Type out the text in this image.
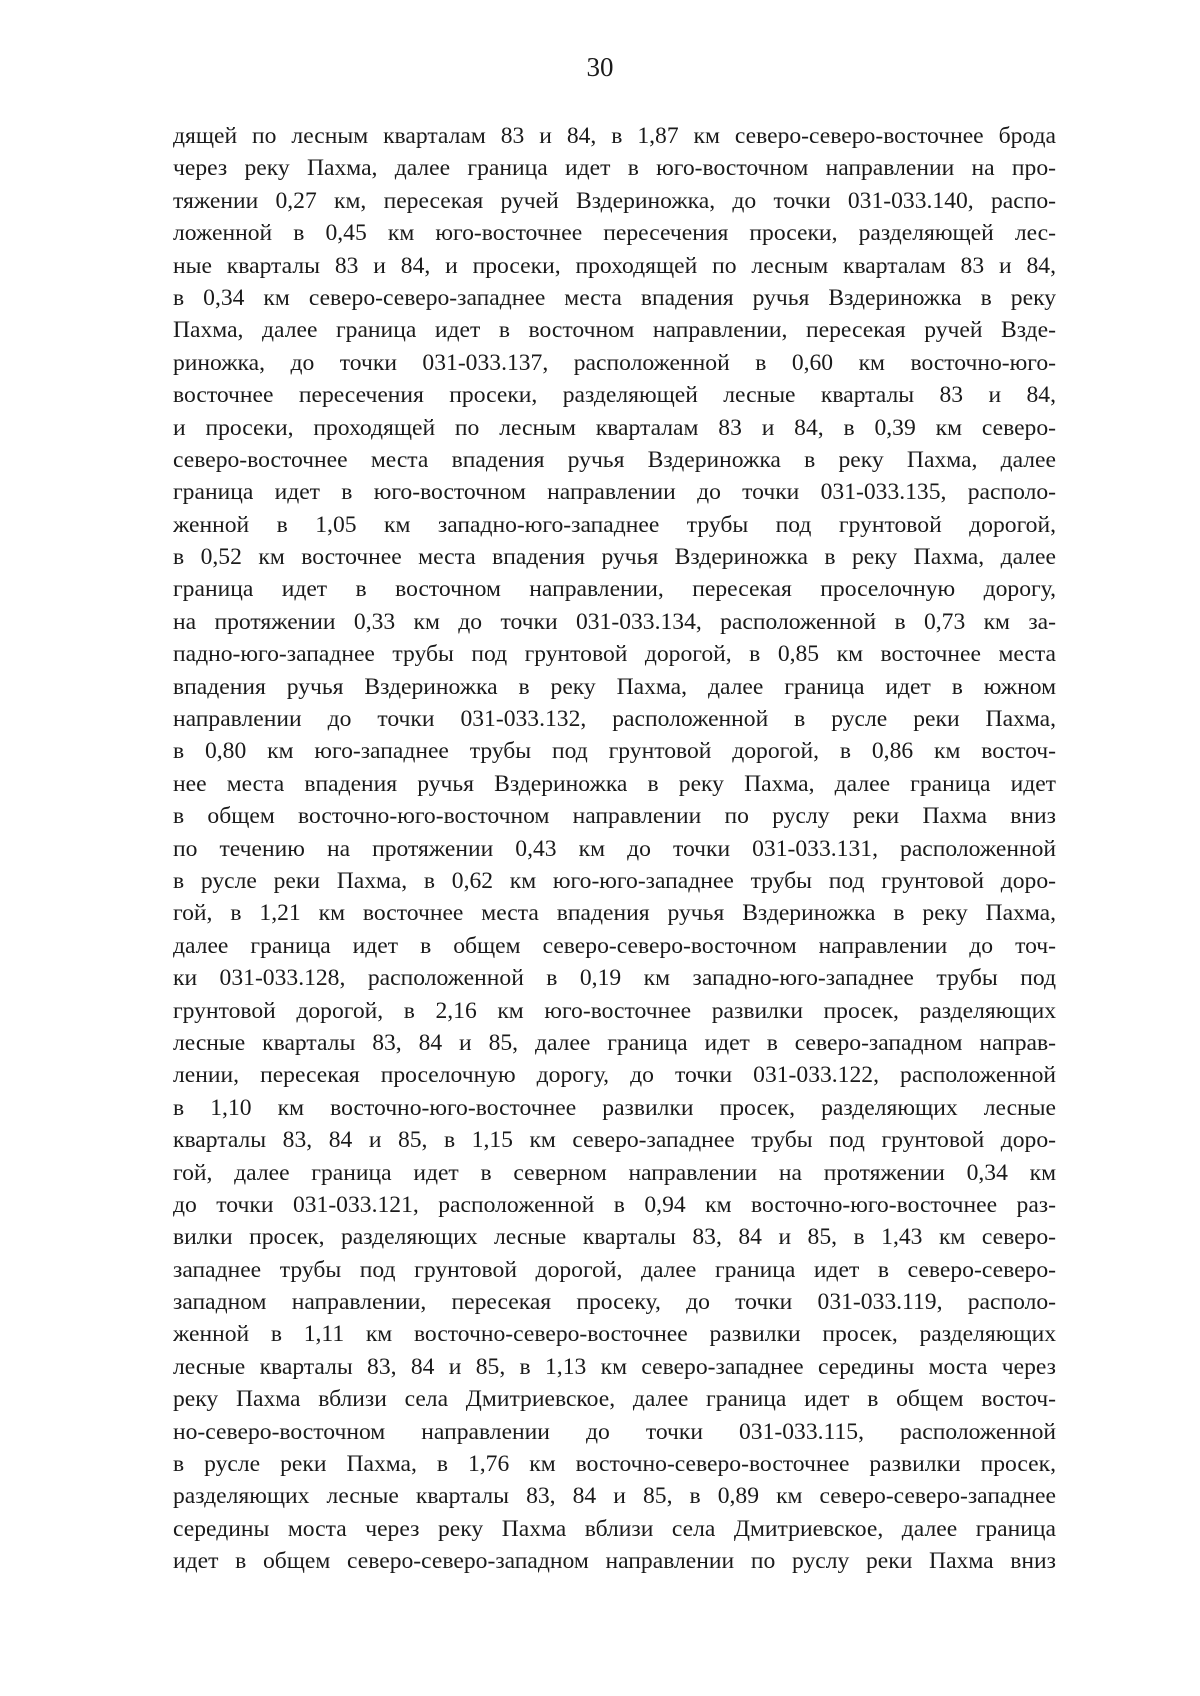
30
дящей по лесным кварталам 83 и 84, в 1,87 км северо-северо-восточнее брода
через реку Пахма, далее граница идет в юго-восточном направлении на про-
тяжении 0,27 км, пересекая ручей Вздериножка, до точки 031-033.140, распо-
ложенной в 0,45 км юго-восточнее пересечения просеки, разделяющей лес-
ные кварталы 83 и 84, и просеки, проходящей по лесным кварталам 83 и 84,
в 0,34 км северо-северо-западнее места впадения ручья Вздериножка в реку
Пахма, далее граница идет в восточном направлении, пересекая ручей Взде-
риножка, до точки 031-033.137, расположенной в 0,60 км восточно-юго-
восточнее пересечения просеки, разделяющей лесные кварталы 83 и 84,
и просеки, проходящей по лесным кварталам 83 и 84, в 0,39 км северо-
северо-восточнее места впадения ручья Вздериножка в реку Пахма, далее
граница идет в юго-восточном направлении до точки 031-033.135, располо-
женной в 1,05 км западно-юго-западнее трубы под грунтовой дорогой,
в 0,52 км восточнее места впадения ручья Вздериножка в реку Пахма, далее
граница идет в восточном направлении, пересекая проселочную дорогу,
на протяжении 0,33 км до точки 031-033.134, расположенной в 0,73 км за-
падно-юго-западнее трубы под грунтовой дорогой, в 0,85 км восточнее места
впадения ручья Вздериножка в реку Пахма, далее граница идет в южном
направлении до точки 031-033.132, расположенной в русле реки Пахма,
в 0,80 км юго-западнее трубы под грунтовой дорогой, в 0,86 км восточ-
нее места впадения ручья Вздериножка в реку Пахма, далее граница идет
в общем восточно-юго-восточном направлении по руслу реки Пахма вниз
по течению на протяжении 0,43 км до точки 031-033.131, расположенной
в русле реки Пахма, в 0,62 км юго-юго-западнее трубы под грунтовой доро-
гой, в 1,21 км восточнее места впадения ручья Вздериножка в реку Пахма,
далее граница идет в общем северо-северо-восточном направлении до точ-
ки 031-033.128, расположенной в 0,19 км западно-юго-западнее трубы под
грунтовой дорогой, в 2,16 км юго-восточнее развилки просек, разделяющих
лесные кварталы 83, 84 и 85, далее граница идет в северо-западном направ-
лении, пересекая проселочную дорогу, до точки 031-033.122, расположенной
в 1,10 км восточно-юго-восточнее развилки просек, разделяющих лесные
кварталы 83, 84 и 85, в 1,15 км северо-западнее трубы под грунтовой доро-
гой, далее граница идет в северном направлении на протяжении 0,34 км
до точки 031-033.121, расположенной в 0,94 км восточно-юго-восточнее раз-
вилки просек, разделяющих лесные кварталы 83, 84 и 85, в 1,43 км северо-
западнее трубы под грунтовой дорогой, далее граница идет в северо-северо-
западном направлении, пересекая просеку, до точки 031-033.119, располо-
женной в 1,11 км восточно-северо-восточнее развилки просек, разделяющих
лесные кварталы 83, 84 и 85, в 1,13 км северо-западнее середины моста через
реку Пахма вблизи села Дмитриевское, далее граница идет в общем восточ-
но-северо-восточном направлении до точки 031-033.115, расположенной
в русле реки Пахма, в 1,76 км восточно-северо-восточнее развилки просек,
разделяющих лесные кварталы 83, 84 и 85, в 0,89 км северо-северо-западнее
середины моста через реку Пахма вблизи села Дмитриевское, далее граница
идет в общем северо-северо-западном направлении по руслу реки Пахма вниз
